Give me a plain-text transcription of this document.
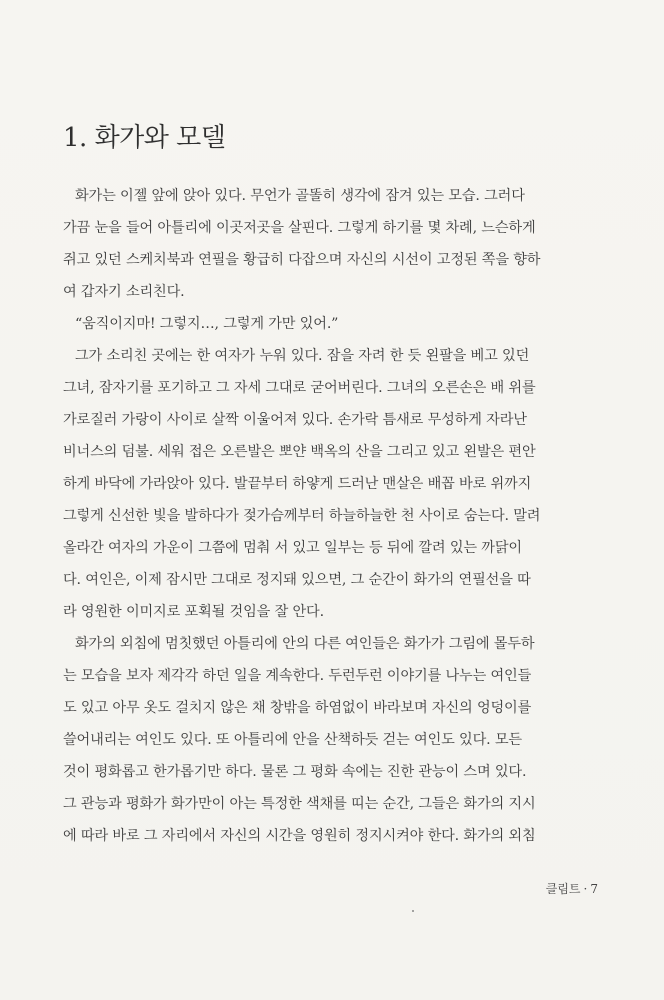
1. 화가와 모델
화가는 이젤 앞에 앉아 있다. 무언가 골똘히 생각에 잠겨 있는 모습. 그러다
가끔 눈을 들어 아틀리에 이곳저곳을 살핀다. 그렇게 하기를 몇 차례, 느슨하게
쥐고 있던 스케치북과 연필을 황급히 다잡으며 자신의 시선이 고정된 쪽을 향하
여 갑자기 소리친다.
“움직이지마! 그렇지…, 그렇게 가만 있어.”
그가 소리친 곳에는 한 여자가 누워 있다. 잠을 자려 한 듯 왼팔을 베고 있던
그녀, 잠자기를 포기하고 그 자세 그대로 굳어버린다. 그녀의 오른손은 배 위를
가로질러 가랑이 사이로 살짝 이울어져 있다. 손가락 틈새로 무성하게 자라난
비너스의 덤불. 세워 접은 오른발은 뽀얀 백옥의 산을 그리고 있고 왼발은 편안
하게 바닥에 가라앉아 있다. 발끝부터 하얗게 드러난 맨살은 배꼽 바로 위까지
그렇게 신선한 빛을 발하다가 젖가슴께부터 하늘하늘한 천 사이로 숨는다. 말려
올라간 여자의 가운이 그쯤에 멈춰 서 있고 일부는 등 뒤에 깔려 있는 까닭이
다. 여인은, 이제 잠시만 그대로 정지돼 있으면, 그 순간이 화가의 연필선을 따
라 영원한 이미지로 포획될 것임을 잘 안다.
화가의 외침에 멈칫했던 아틀리에 안의 다른 여인들은 화가가 그림에 몰두하
는 모습을 보자 제각각 하던 일을 계속한다. 두런두런 이야기를 나누는 여인들
도 있고 아무 옷도 걸치지 않은 채 창밖을 하염없이 바라보며 자신의 엉덩이를
쓸어내리는 여인도 있다. 또 아틀리에 안을 산책하듯 걷는 여인도 있다. 모든
것이 평화롭고 한가롭기만 하다. 물론 그 평화 속에는 진한 관능이 스며 있다.
그 관능과 평화가 화가만이 아는 특정한 색채를 띠는 순간, 그들은 화가의 지시
에 따라 바로 그 자리에서 자신의 시간을 영원히 정지시켜야 한다. 화가의 외침
클림트 · 7
